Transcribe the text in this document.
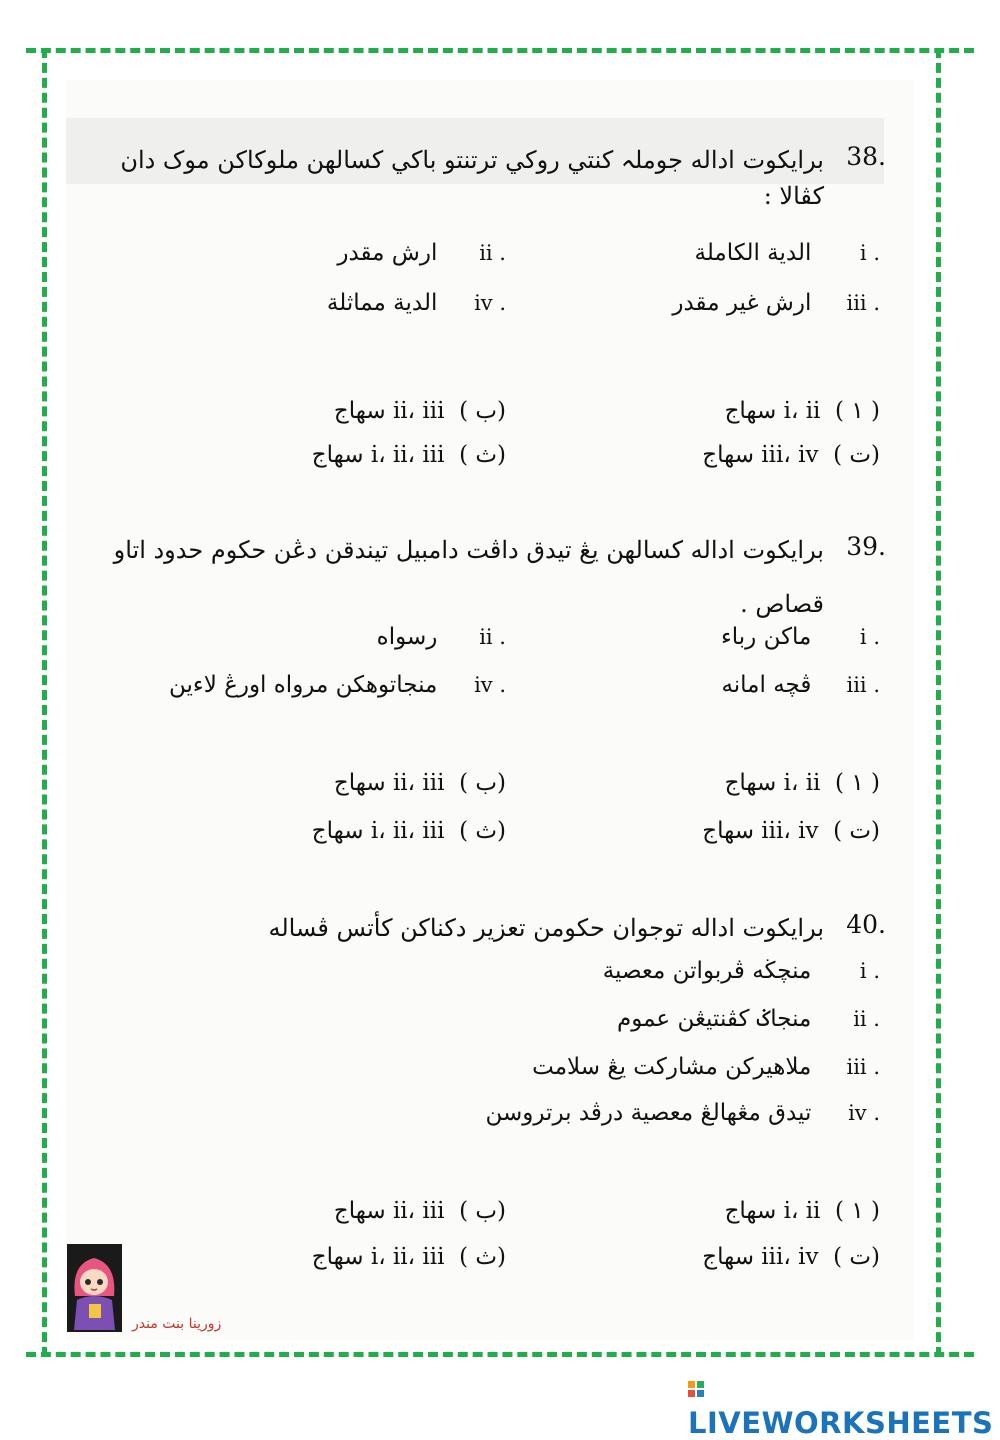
38.
برايكوت اداله جوملہ كنتي روكي ترتنتو باكي كسالهن ملوكاكن موک دان
كڤالا :
i .  الدية الكاملة
ii .  ارش مقدر
iii .  ارش غير مقدر
iv .  الدية مماثلة
( ١ )  i، ii سهاج
(ب )  ii، iii سهاج
(ت )  iii، iv سهاج
(ث )  i، ii، iii سهاج
39.
برايكوت اداله كسالهن يڠ تيدق داڤت دامبيل تيندقن دڠن حکوم حدود اتاو
قصاص .
i .  ماكن رباء
ii .  رسواه
iii .  ڤچه امانه
iv .  منجاتوهكن مرواه اورڠ لاءين
( ١ )  i، ii سهاج
(ب )  ii، iii سهاج
(ت )  iii، iv سهاج
(ث )  i، ii، iii سهاج
40.
برايكوت اداله توجوان حکومن تعزير دكناكن كأتس ڤساله
i .  منچڬه ڤربواتن معصية
ii .  منجاݢ كڤنتيڠن عموم
iii .  ملاهيركن مشاركت يڠ سلامت
iv .  تيدق مڠهالڠ معصية درڤد برتروسن
( ١ )  i، ii سهاج
(ب )  ii، iii سهاج
(ت )  iii، iv سهاج
(ث )  i، ii، iii سهاج
زورينا بنت مندر
LIVEWORKSHEETS
